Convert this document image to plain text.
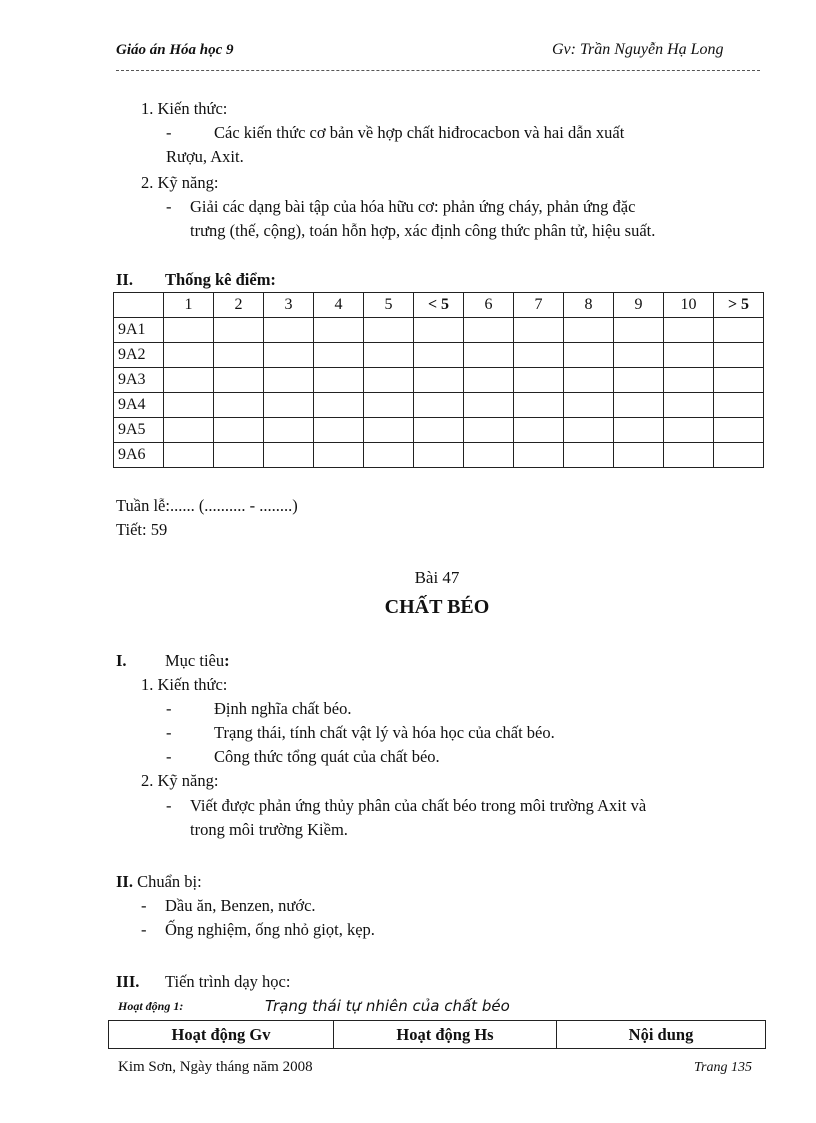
Giáo án Hóa học 9	Gv: Trần Nguyễn Hạ Long
1. Kiến thức:
-	Các kiến thức cơ bản về hợp chất hiđrocacbon và hai dẫn xuất
Rượu, Axit.
2. Kỹ năng:
- Giải các dạng bài tập của hóa hữu cơ: phản ứng cháy, phản ứng đặc
trưng (thế, cộng), toán hỗn hợp, xác định công thức phân tử, hiệu suất.
II. Thống kê điểm:
	1	2	3	4	5	< 5	6	7	8	9	10	> 5
9A1												
9A2												
9A3												
9A4												
9A5												
9A6												
Tuần lễ:...... (.......... - ........)
Tiết: 59
Bài 47
CHẤT BÉO
I. Mục tiêu:
1. Kiến thức:
-	Định nghĩa chất béo.
-	Trạng thái, tính chất vật lý và hóa học của chất béo.
-	Công thức tổng quát của chất béo.
2. Kỹ năng:
- Viết được phản ứng thủy phân của chất béo trong môi trường Axit và
trong môi trường Kiềm.
II. Chuẩn bị:
- Dầu ăn, Benzen, nước.
- Ống nghiệm, ống nhỏ giọt, kẹp.
III. Tiến trình dạy học:
Hoạt động 1:	Trạng thái tự nhiên của chất béo
Hoạt động Gv	Hoạt động Hs	Nội dung
Kim Sơn, Ngày tháng năm 2008	Trang 135
